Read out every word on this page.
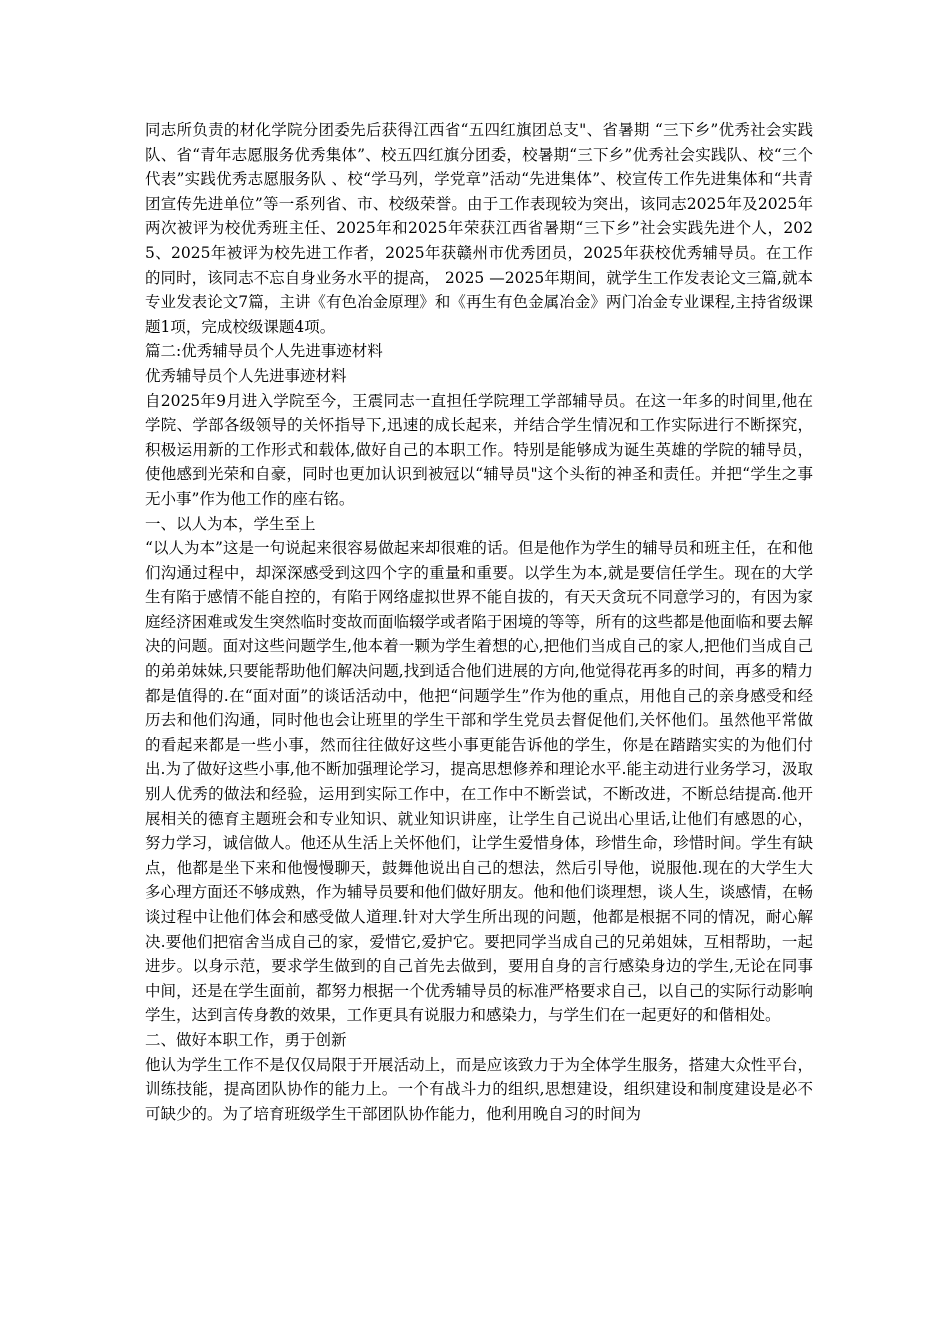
同志所负责的材化学院分团委先后获得江西省“五四红旗团总支"、省暑期 “三下乡”优秀社会实践队、省“青年志愿服务优秀集体”、校五四红旗分团委，校暑期“三下乡”优秀社会实践队、校“三个代表”实践优秀志愿服务队 、校“学马列，学党章”活动“先进集体”、校宣传工作先进集体和“共青团宣传先进单位”等一系列省、市、校级荣誉。由于工作表现较为突出，该同志2025年及2025年两次被评为校优秀班主任、2025年和2025年荣获江西省暑期“三下乡”社会实践先进个人，2025、2025年被评为校先进工作者，2025年获赣州市优秀团员，2025年获校优秀辅导员。在工作的同时，该同志不忘自身业务水平的提高， 2025 —2025年期间，就学生工作发表论文三篇,就本专业发表论文7篇，主讲《有色冶金原理》和《再生有色金属冶金》两门冶金专业课程,主持省级课题1项，完成校级课题4项。

篇二:优秀辅导员个人先进事迹材料

优秀辅导员个人先进事迹材料

自2025年9月进入学院至今，王震同志一直担任学院理工学部辅导员。在这一年多的时间里,他在学院、学部各级领导的关怀指导下,迅速的成长起来，并结合学生情况和工作实际进行不断探究，积极运用新的工作形式和载体,做好自己的本职工作。特别是能够成为诞生英雄的学院的辅导员，使他感到光荣和自豪，同时也更加认识到被冠以“辅导员"这个头衔的神圣和责任。并把“学生之事无小事”作为他工作的座右铭。

一、以人为本，学生至上

“以人为本”这是一句说起来很容易做起来却很难的话。但是他作为学生的辅导员和班主任，在和他们沟通过程中，却深深感受到这四个字的重量和重要。以学生为本,就是要信任学生。现在的大学生有陷于感情不能自控的，有陷于网络虚拟世界不能自拔的，有天天贪玩不同意学习的，有因为家庭经济困难或发生突然临时变故而面临辍学或者陷于困境的等等，所有的这些都是他面临和要去解决的问题。面对这些问题学生,他本着一颗为学生着想的心,把他们当成自己的家人,把他们当成自己的弟弟妹妹,只要能帮助他们解决问题,找到适合他们进展的方向,他觉得花再多的时间，再多的精力都是值得的.在“面对面”的谈话活动中，他把“问题学生”作为他的重点，用他自己的亲身感受和经历去和他们沟通，同时他也会让班里的学生干部和学生党员去督促他们,关怀他们。虽然他平常做的看起来都是一些小事，然而往往做好这些小事更能告诉他的学生，你是在踏踏实实的为他们付出.为了做好这些小事,他不断加强理论学习，提高思想修养和理论水平.能主动进行业务学习，汲取别人优秀的做法和经验，运用到实际工作中，在工作中不断尝试，不断改进，不断总结提高.他开展相关的德育主题班会和专业知识、就业知识讲座，让学生自己说出心里话,让他们有感恩的心，努力学习，诚信做人。他还从生活上关怀他们，让学生爱惜身体，珍惜生命，珍惜时间。学生有缺点，他都是坐下来和他慢慢聊天，鼓舞他说出自己的想法，然后引导他，说服他.现在的大学生大多心理方面还不够成熟，作为辅导员要和他们做好朋友。他和他们谈理想，谈人生，谈感情，在畅谈过程中让他们体会和感受做人道理.针对大学生所出现的问题，他都是根据不同的情况，耐心解决.要他们把宿舍当成自己的家，爱惜它,爱护它。要把同学当成自己的兄弟姐妹，互相帮助，一起进步。以身示范，要求学生做到的自己首先去做到，要用自身的言行感染身边的学生,无论在同事中间，还是在学生面前，都努力根据一个优秀辅导员的标准严格要求自己，以自己的实际行动影响学生，达到言传身教的效果，工作更具有说服力和感染力，与学生们在一起更好的和偕相处。

二、做好本职工作，勇于创新

他认为学生工作不是仅仅局限于开展活动上，而是应该致力于为全体学生服务，搭建大众性平台，训练技能，提高团队协作的能力上。一个有战斗力的组织,思想建设，组织建设和制度建设是必不可缺少的。为了培育班级学生干部团队协作能力，他利用晚自习的时间为
